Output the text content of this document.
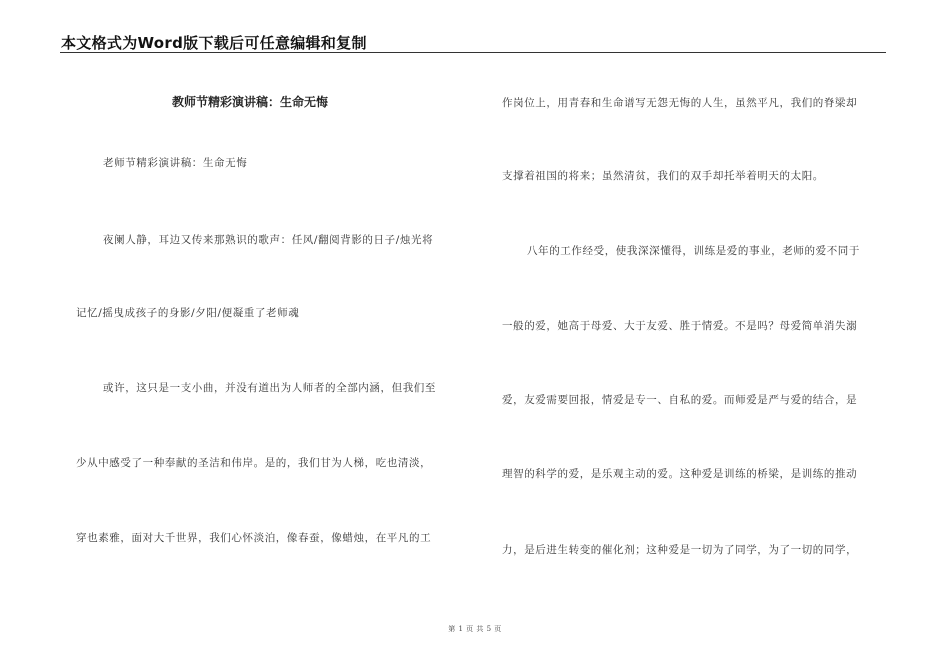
本文格式为Word版下载后可任意编辑和复制
教师节精彩演讲稿：生命无悔
老师节精彩演讲稿：生命无悔
夜阑人静，耳边又传来那熟识的歌声：任风/翻阅背影的日子/烛光将
记忆/摇曳成孩子的身影/夕阳/便凝重了老师魂
或许，这只是一支小曲，并没有道出为人师者的全部内涵，但我们至
少从中感受了一种奉献的圣洁和伟岸。是的，我们甘为人梯，吃也清淡，
穿也素雅，面对大千世界，我们心怀淡泊，像春蚕，像蜡烛，在平凡的工
作岗位上，用青春和生命谱写无怨无悔的人生，虽然平凡，我们的脊梁却
支撑着祖国的将来；虽然清贫，我们的双手却托举着明天的太阳。
八年的工作经受，使我深深懂得，训练是爱的事业，老师的爱不同于
一般的爱，她高于母爱、大于友爱、胜于情爱。不是吗？母爱简单消失溺
爱，友爱需要回报，情爱是专一、自私的爱。而师爱是严与爱的结合，是
理智的科学的爱，是乐观主动的爱。这种爱是训练的桥梁，是训练的推动
力，是后进生转变的催化剂；这种爱是一切为了同学，为了一切的同学，
第 1 页 共 5 页
